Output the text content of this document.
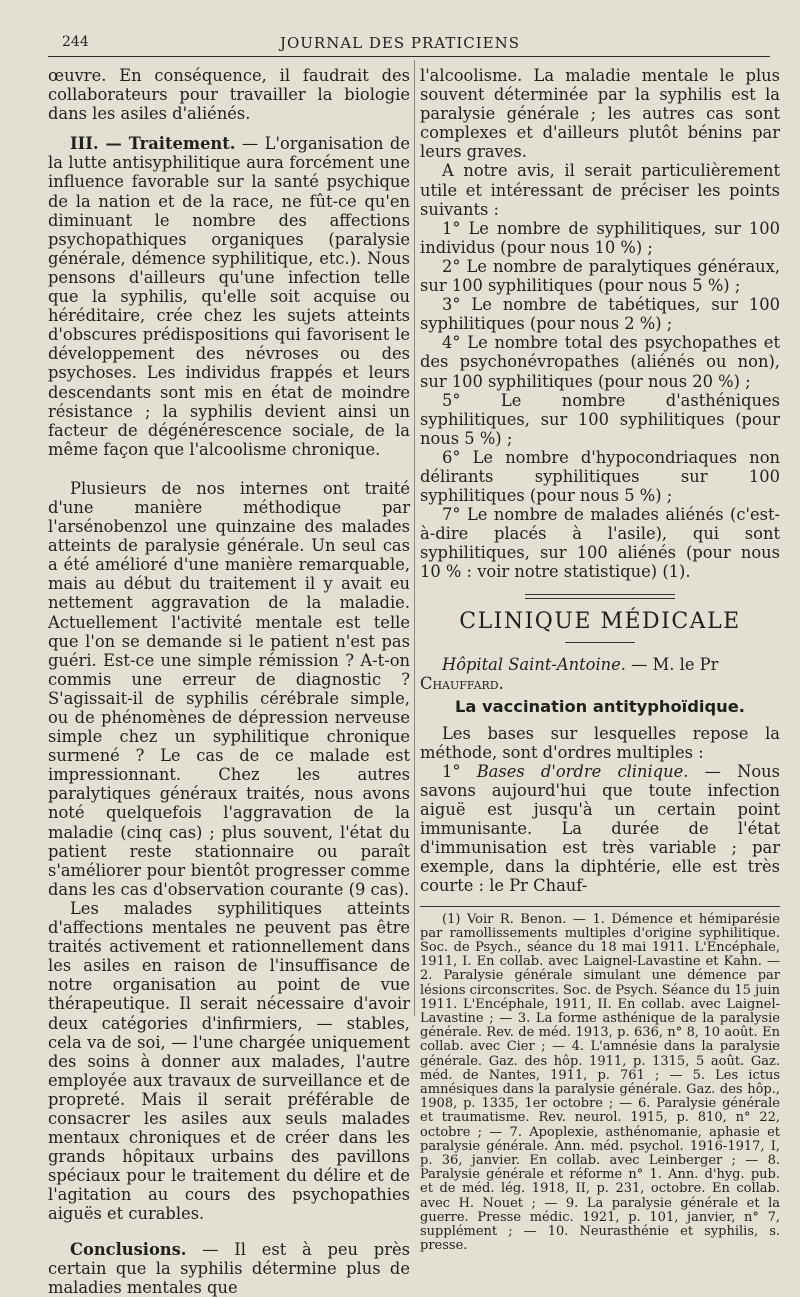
244	JOURNAL DES PRATICIENS

œuvre. En conséquence, il faudrait des collaborateurs pour travailler la biologie dans les asiles d'aliénés.

III. — Traitement. — L'organisation de la lutte antisyphilitique aura forcément une influence favorable sur la santé psychique de la nation et de la race, ne fût-ce qu'en diminuant le nombre des affections psychopathiques organiques (paralysie générale, démence syphilitique, etc.). Nous pensons d'ailleurs qu'une infection telle que la syphilis, qu'elle soit acquise ou héréditaire, crée chez les sujets atteints d'obscures prédispositions qui favorisent le développement des névroses ou des psychoses. Les individus frappés et leurs descendants sont mis en état de moindre résistance ; la syphilis devient ainsi un facteur de dégénérescence sociale, de la même façon que l'alcoolisme chronique.

Plusieurs de nos internes ont traité d'une manière méthodique par l'arsénobenzol une quinzaine des malades atteints de paralysie générale. Un seul cas a été amélioré d'une manière remarquable, mais au début du traitement il y avait eu nettement aggravation de la maladie. Actuellement l'activité mentale est telle que l'on se demande si le patient n'est pas guéri. Est-ce une simple rémission ? A-t-on commis une erreur de diagnostic ? S'agissait-il de syphilis cérébrale simple, ou de phénomènes de dépression nerveuse simple chez un syphilitique chronique surmené ? Le cas de ce malade est impressionnant. Chez les autres paralytiques généraux traités, nous avons noté quelquefois l'aggravation de la maladie (cinq cas) ; plus souvent, l'état du patient reste stationnaire ou paraît s'améliorer pour bientôt progresser comme dans les cas d'observation courante (9 cas).

Les malades syphilitiques atteints d'affections mentales ne peuvent pas être traités activement et rationnellement dans les asiles en raison de l'insuffisance de notre organisation au point de vue thérapeutique. Il serait nécessaire d'avoir deux catégories d'infirmiers, — stables, cela va de soi, — l'une chargée uniquement des soins à donner aux malades, l'autre employée aux travaux de surveillance et de propreté. Mais il serait préférable de consacrer les asiles aux seuls malades mentaux chroniques et de créer dans les grands hôpitaux urbains des pavillons spéciaux pour le traitement du délire et de l'agitation au cours des psychopathies aiguës et curables.

Conclusions. — Il est à peu près certain que la syphilis détermine plus de maladies mentales que

l'alcoolisme. La maladie mentale le plus souvent déterminée par la syphilis est la paralysie générale ; les autres cas sont complexes et d'ailleurs plutôt bénins par leurs graves.

A notre avis, il serait particulièrement utile et intéressant de préciser les points suivants :

1° Le nombre de syphilitiques, sur 100 individus (pour nous 10 %) ;

2° Le nombre de paralytiques généraux, sur 100 syphilitiques (pour nous 5 %) ;

3° Le nombre de tabétiques, sur 100 syphilitiques (pour nous 2 %) ;

4° Le nombre total des psychopathes et des psychonévropathes (aliénés ou non), sur 100 syphilitiques (pour nous 20 %) ;

5° Le nombre d'asthéniques syphilitiques, sur 100 syphilitiques (pour nous 5 %) ;

6° Le nombre d'hypocondriaques non délirants syphilitiques sur 100 syphilitiques (pour nous 5 %) ;

7° Le nombre de malades aliénés (c'est-à-dire placés à l'asile), qui sont syphilitiques, sur 100 aliénés (pour nous 10 % : voir notre statistique) (1).

CLINIQUE MÉDICALE

Hôpital Saint-Antoine. — M. le Pr Chauffard.

La vaccination antityphoïdique.

Les bases sur lesquelles repose la méthode, sont d'ordres multiples :

1° Bases d'ordre clinique. — Nous savons aujourd'hui que toute infection aiguë est jusqu'à un certain point immunisante. La durée de l'état d'immunisation est très variable ; par exemple, dans la diphtérie, elle est très courte : le Pr Chauf-

(1) Voir R. Benon. — 1. Démence et hémiparésie par ramollissements multiples d'origine syphilitique. Soc. de Psych., séance du 18 mai 1911. L'Encéphale, 1911, I. En collab. avec Laignel-Lavastine et Kahn. — 2. Paralysie générale simulant une démence par lésions circonscrites. Soc. de Psych. Séance du 15 juin 1911. L'Encéphale, 1911, II. En collab. avec Laignel-Lavastine ; — 3. La forme asthénique de la paralysie générale. Rev. de méd. 1913, p. 636, n° 8, 10 août. En collab. avec Cier ; — 4. L'amnésie dans la paralysie générale. Gaz. des hôp. 1911, p. 1315, 5 août. Gaz. méd. de Nantes, 1911, p. 761 ; — 5. Les ictus amnésiques dans la paralysie générale. Gaz. des hôp., 1908, p. 1335, 1er octobre ; — 6. Paralysie générale et traumatisme. Rev. neurol. 1915, p. 810, n° 22, octobre ; — 7. Apoplexie, asthénomanie, aphasie et paralysie générale. Ann. méd. psychol. 1916-1917, I, p. 36, janvier. En collab. avec Leinberger ; — 8. Paralysie générale et réforme n° 1. Ann. d'hyg. pub. et de méd. lég. 1918, II, p. 231, octobre. En collab. avec H. Nouet ; — 9. La paralysie générale et la guerre. Presse médic. 1921, p. 101, janvier, n° 7, supplément ; — 10. Neurasthénie et syphilis, s. presse.
